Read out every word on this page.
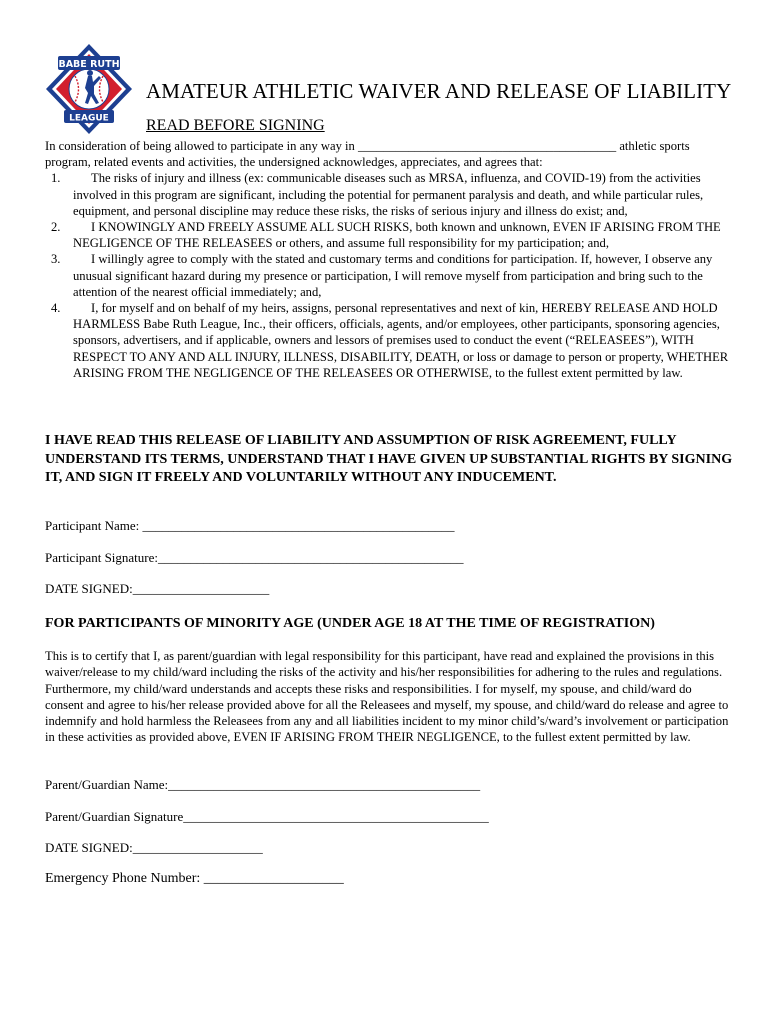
BABE RUTH
LEAGUE
AMATEUR ATHLETIC WAIVER AND RELEASE OF LIABILITY
READ BEFORE SIGNING

In consideration of being allowed to participate in any way in _________________________________________ athletic sports program, related events and activities, the undersigned acknowledges, appreciates, and agrees that:

1.	The risks of injury and illness (ex: communicable diseases such as MRSA, influenza, and COVID-19) from the activities involved in this program are significant, including the potential for permanent paralysis and death, and while particular rules, equipment, and personal discipline may reduce these risks, the risks of serious injury and illness do exist; and,
2.	I KNOWINGLY AND FREELY ASSUME ALL SUCH RISKS, both known and unknown, EVEN IF ARISING FROM THE NEGLIGENCE OF THE RELEASEES or others, and assume full responsibility for my participation; and,
3.	I willingly agree to comply with the stated and customary terms and conditions for participation. If, however, I observe any unusual significant hazard during my presence or participation, I will remove myself from participation and bring such to the attention of the nearest official immediately; and,
4.	I, for myself and on behalf of my heirs, assigns, personal representatives and next of kin, HEREBY RELEASE AND HOLD HARMLESS Babe Ruth League, Inc., their officers, officials, agents, and/or employees, other participants, sponsoring agencies, sponsors, advertisers, and if applicable, owners and lessors of premises used to conduct the event (“RELEASEES”), WITH RESPECT TO ANY AND ALL INJURY, ILLNESS, DISABILITY, DEATH, or loss or damage to person or property, WHETHER ARISING FROM THE NEGLIGENCE OF THE RELEASEES OR OTHERWISE, to the fullest extent permitted by law.
I HAVE READ THIS RELEASE OF LIABILITY AND ASSUMPTION OF RISK AGREEMENT, FULLY UNDERSTAND ITS TERMS, UNDERSTAND THAT I HAVE GIVEN UP SUBSTANTIAL RIGHTS BY SIGNING IT, AND SIGN IT FREELY AND VOLUNTARILY WITHOUT ANY INDUCEMENT.
Participant Name: ________________________________________________
Participant Signature:_______________________________________________
DATE SIGNED:_____________________
FOR PARTICIPANTS OF MINORITY AGE (UNDER AGE 18 AT THE TIME OF REGISTRATION)

This is to certify that I, as parent/guardian with legal responsibility for this participant, have read and explained the provisions in this waiver/release to my child/ward including the risks of the activity and his/her responsibilities for adhering to the rules and regulations. Furthermore, my child/ward understands and accepts these risks and responsibilities. I for myself, my spouse, and child/ward do consent and agree to his/her release provided above for all the Releasees and myself, my spouse, and child/ward do release and agree to indemnify and hold harmless the Releasees from any and all liabilities incident to my minor child’s/ward’s involvement or participation in these activities as provided above, EVEN IF ARISING FROM THEIR NEGLIGENCE, to the fullest extent permitted by law.

Parent/Guardian Name:________________________________________________
Parent/Guardian Signature_______________________________________________
DATE SIGNED:____________________
Emergency Phone Number: ____________________
